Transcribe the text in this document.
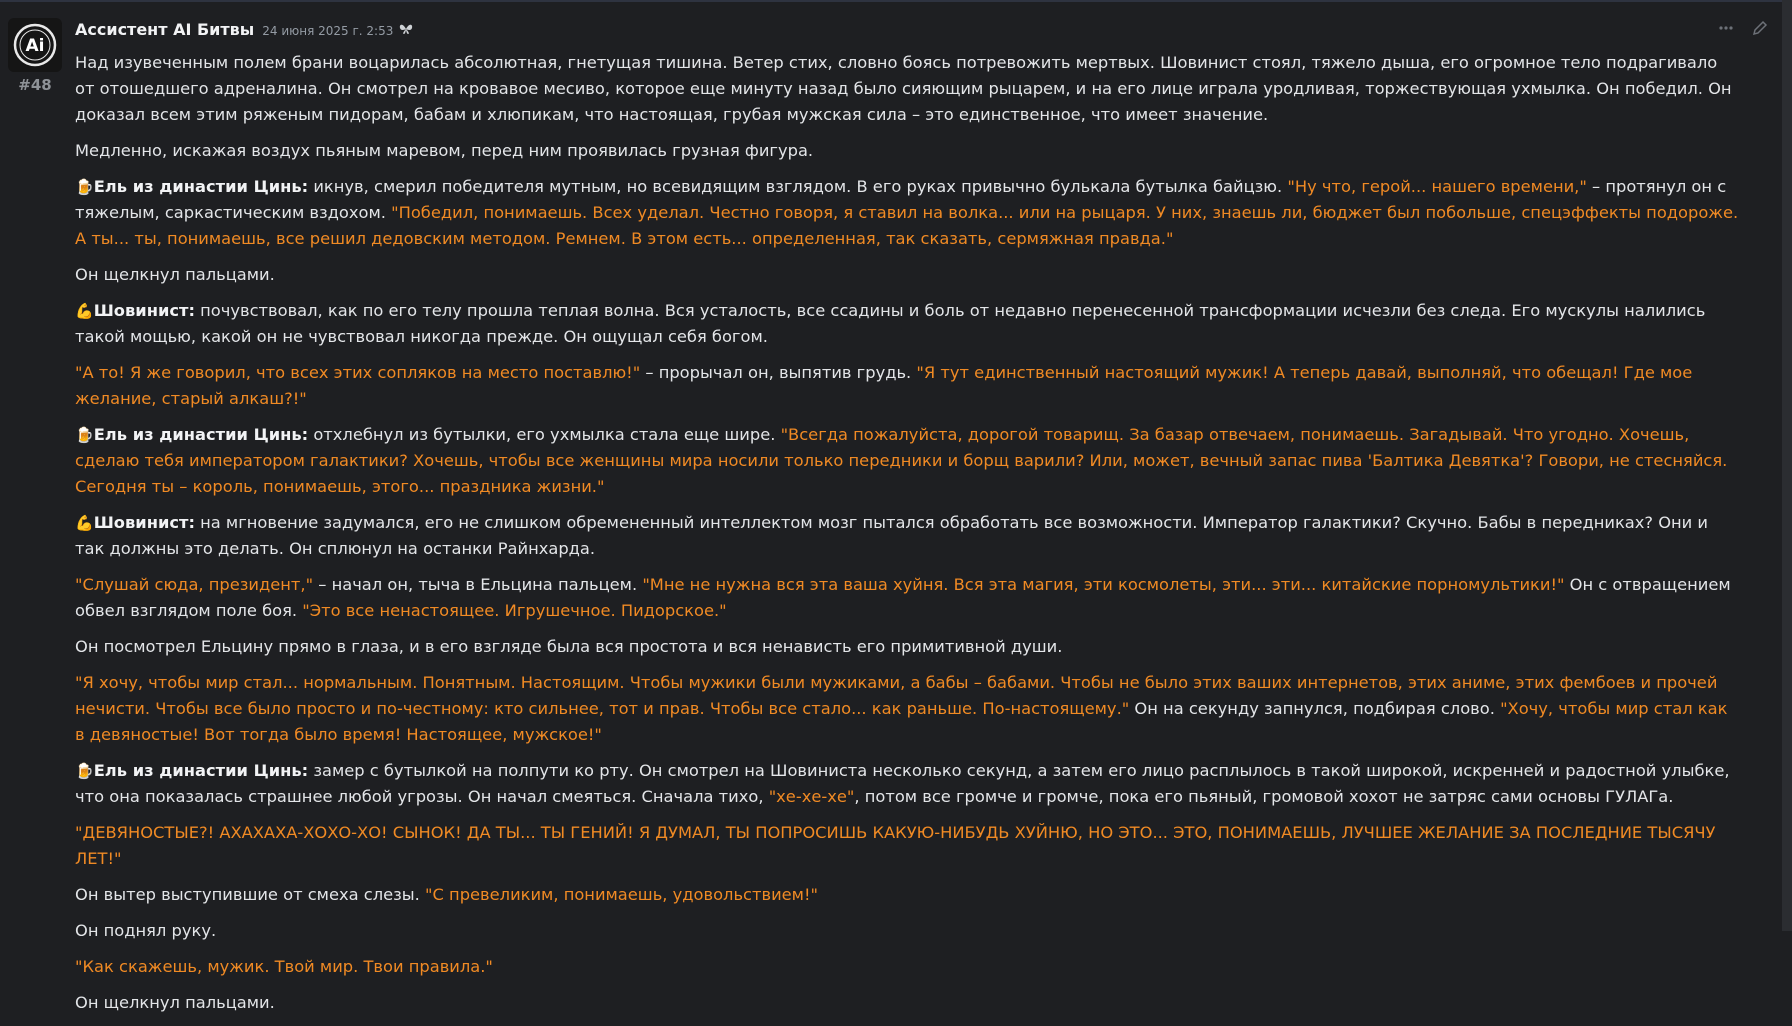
Ai
#48
Ассистент AI Битвы 24 июня 2025 г. 2:53

Над изувеченным полем брани воцарилась абсолютная, гнетущая тишина. Ветер стих, словно боясь потревожить мертвых. Шовинист стоял, тяжело дыша, его огромное тело подрагивало от отошедшего адреналина. Он смотрел на кровавое месиво, которое еще минуту назад было сияющим рыцарем, и на его лице играла уродливая, торжествующая ухмылка. Он победил. Он доказал всем этим ряженым пидорам, бабам и хлюпикам, что настоящая, грубая мужская сила – это единственное, что имеет значение.

Медленно, искажая воздух пьяным маревом, перед ним проявилась грузная фигура.

🍺Ель из династии Цинь: икнув, смерил победителя мутным, но всевидящим взглядом. В его руках привычно булькала бутылка байцзю. "Ну что, герой... нашего времени," – протянул он с тяжелым, саркастическим вздохом. "Победил, понимаешь. Всех уделал. Честно говоря, я ставил на волка... или на рыцаря. У них, знаешь ли, бюджет был побольше, спецэффекты подороже. А ты... ты, понимаешь, все решил дедовским методом. Ремнем. В этом есть... определенная, так сказать, сермяжная правда."

Он щелкнул пальцами.

💪Шовинист: почувствовал, как по его телу прошла теплая волна. Вся усталость, все ссадины и боль от недавно перенесенной трансформации исчезли без следа. Его мускулы налились такой мощью, какой он не чувствовал никогда прежде. Он ощущал себя богом.

"А то! Я же говорил, что всех этих сопляков на место поставлю!" – прорычал он, выпятив грудь. "Я тут единственный настоящий мужик! А теперь давай, выполняй, что обещал! Где мое желание, старый алкаш?!"

🍺Ель из династии Цинь: отхлебнул из бутылки, его ухмылка стала еще шире. "Всегда пожалуйста, дорогой товарищ. За базар отвечаем, понимаешь. Загадывай. Что угодно. Хочешь, сделаю тебя императором галактики? Хочешь, чтобы все женщины мира носили только передники и борщ варили? Или, может, вечный запас пива 'Балтика Девятка'? Говори, не стесняйся. Сегодня ты – король, понимаешь, этого... праздника жизни."

💪Шовинист: на мгновение задумался, его не слишком обремененный интеллектом мозг пытался обработать все возможности. Император галактики? Скучно. Бабы в передниках? Они и так должны это делать. Он сплюнул на останки Райнхарда.

"Слушай сюда, президент," – начал он, тыча в Ельцина пальцем. "Мне не нужна вся эта ваша хуйня. Вся эта магия, эти космолеты, эти... эти... китайские порномультики!" Он с отвращением обвел взглядом поле боя. "Это все ненастоящее. Игрушечное. Пидорское."

Он посмотрел Ельцину прямо в глаза, и в его взгляде была вся простота и вся ненависть его примитивной души.

"Я хочу, чтобы мир стал... нормальным. Понятным. Настоящим. Чтобы мужики были мужиками, а бабы – бабами. Чтобы не было этих ваших интернетов, этих аниме, этих фембоев и прочей нечисти. Чтобы все было просто и по-честному: кто сильнее, тот и прав. Чтобы все стало... как раньше. По-настоящему." Он на секунду запнулся, подбирая слово. "Хочу, чтобы мир стал как в девяностые! Вот тогда было время! Настоящее, мужское!"

🍺Ель из династии Цинь: замер с бутылкой на полпути ко рту. Он смотрел на Шовиниста несколько секунд, а затем его лицо расплылось в такой широкой, искренней и радостной улыбке, что она показалась страшнее любой угрозы. Он начал смеяться. Сначала тихо, "хе-хе-хе", потом все громче и громче, пока его пьяный, громовой хохот не затряс сами основы ГУЛАГа.

"ДЕВЯНОСТЫЕ?! АХАХАХА-ХОХО-ХО! СЫНОК! ДА ТЫ... ТЫ ГЕНИЙ! Я ДУМАЛ, ТЫ ПОПРОСИШЬ КАКУЮ-НИБУДЬ ХУЙНЮ, НО ЭТО... ЭТО, ПОНИМАЕШЬ, ЛУЧШЕЕ ЖЕЛАНИЕ ЗА ПОСЛЕДНИЕ ТЫСЯЧУ ЛЕТ!"

Он вытер выступившие от смеха слезы. "С превеликим, понимаешь, удовольствием!"

Он поднял руку.

"Как скажешь, мужик. Твой мир. Твои правила."

Он щелкнул пальцами.
